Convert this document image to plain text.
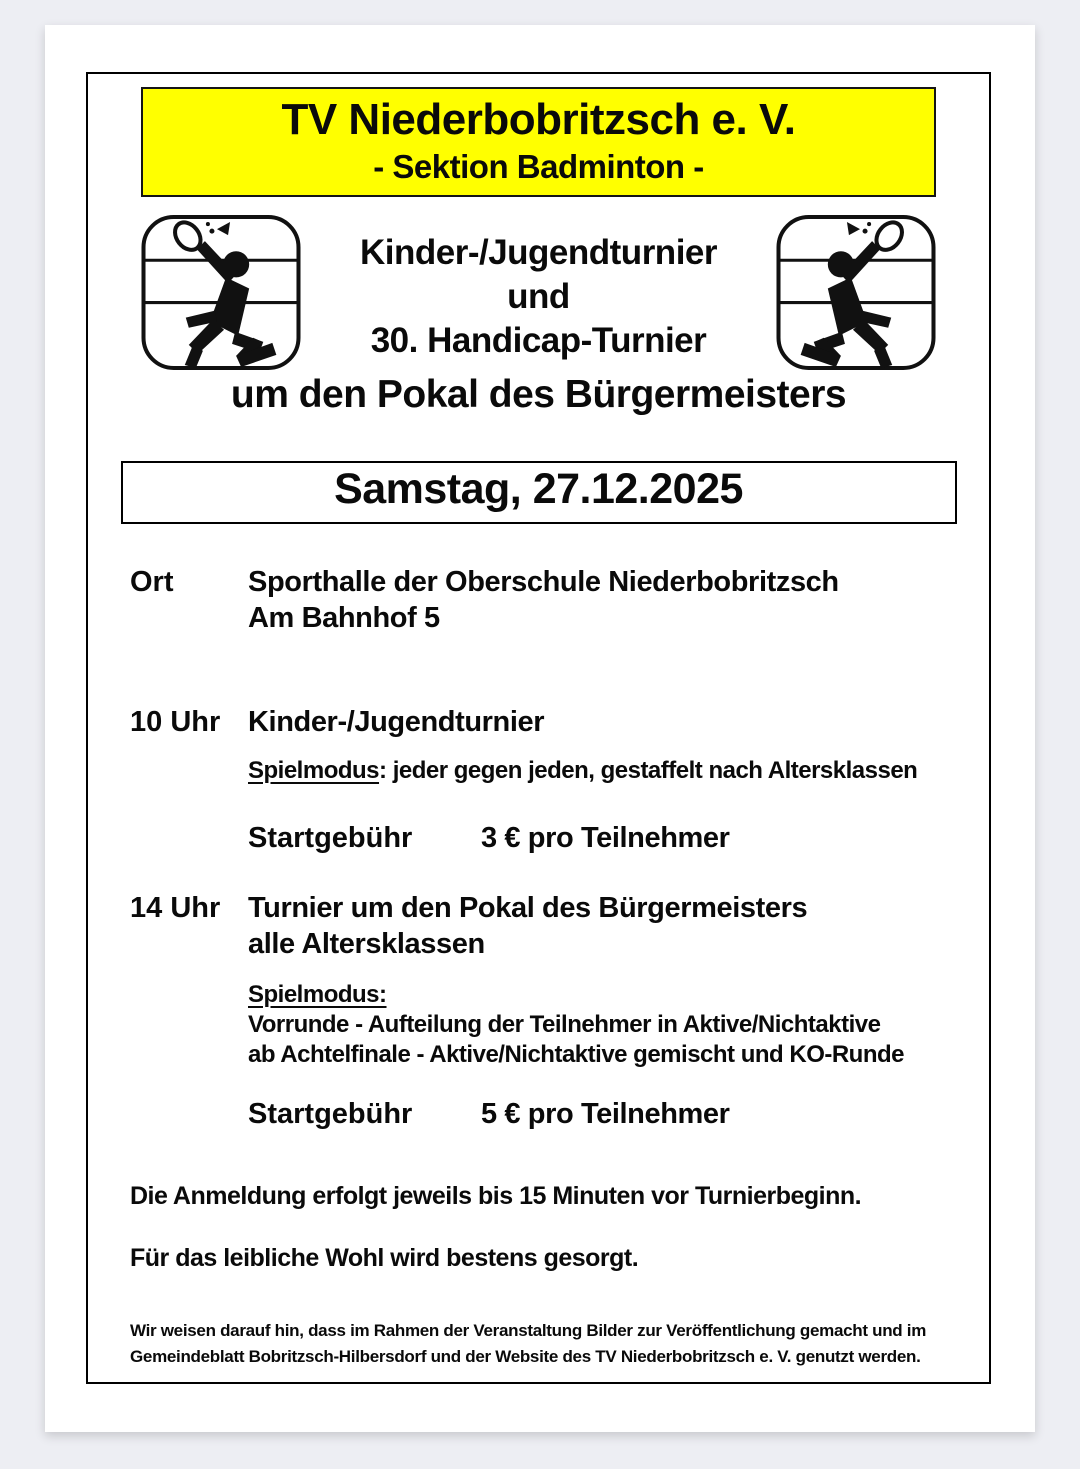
TV Niederbobritzsch e. V.
- Sektion Badminton -
Kinder-/Jugendturnier
und
30. Handicap-Turnier
um den Pokal des Bürgermeisters
Samstag, 27.12.2025
Ort	Sporthalle der Oberschule Niederbobritzsch
Am Bahnhof 5
10 Uhr Kinder-/Jugendturnier
Spielmodus: jeder gegen jeden, gestaffelt nach Altersklassen
Startgebühr	3 € pro Teilnehmer
14 Uhr Turnier um den Pokal des Bürgermeisters
alle Altersklassen
Spielmodus:
Vorrunde - Aufteilung der Teilnehmer in Aktive/Nichtaktive
ab Achtelfinale - Aktive/Nichtaktive gemischt und KO-Runde
Startgebühr	5 € pro Teilnehmer
Die Anmeldung erfolgt jeweils bis 15 Minuten vor Turnierbeginn.
Für das leibliche Wohl wird bestens gesorgt.
Wir weisen darauf hin, dass im Rahmen der Veranstaltung Bilder zur Veröffentlichung gemacht und im
Gemeindeblatt Bobritzsch-Hilbersdorf und der Website des TV Niederbobritzsch e. V. genutzt werden.
